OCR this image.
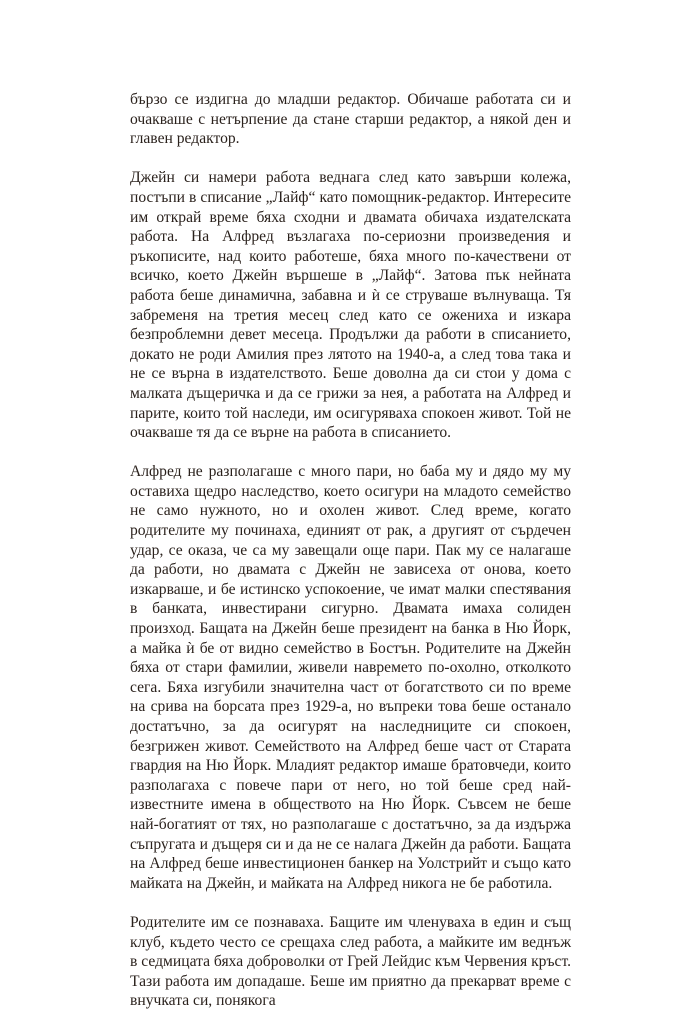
бързо се издигна до младши редактор. Обичаше работата си и очакваше с нетърпение да стане старши редактор, а някой ден и главен редактор.

Джейн си намери работа веднага след като завърши колежа, постъпи в списание „Лайф“ като помощник-редактор. Интересите им открай време бяха сходни и двамата обичаха издателската работа. На Алфред възлагаха по-сериозни произведения и ръкописите, над които работеше, бяха много по-качествени от всичко, което Джейн вършеше в „Лайф“. Затова пък нейната работа беше динамична, забавна и ѝ се струваше вълнуваща. Тя забременя на третия месец след като се ожениха и изкара безпроблемни девет месеца. Продължи да работи в списанието, докато не роди Амилия през лятото на 1940-а, а след това така и не се върна в издателството. Беше доволна да си стои у дома с малката дъщеричка и да се грижи за нея, а работата на Алфред и парите, които той наследи, им осигуряваха спокоен живот. Той не очакваше тя да се върне на работа в списанието.

Алфред не разполагаше с много пари, но баба му и дядо му му оставиха щедро наследство, което осигури на младото семейство не само нужното, но и охолен живот. След време, когато родителите му починаха, единият от рак, а другият от сърдечен удар, се оказа, че са му завещали още пари. Пак му се налагаше да работи, но двамата с Джейн не зависеха от онова, което изкарваше, и бе истинско успокоение, че имат малки спестявания в банката, инвестирани сигурно. Двамата имаха солиден произход. Бащата на Джейн беше президент на банка в Ню Йорк, а майка ѝ бе от видно семейство в Бостън. Родителите на Джейн бяха от стари фамилии, живели навремето по-охолно, отколкото сега. Бяха изгубили значителна част от богатството си по време на срива на борсата през 1929-а, но въпреки това беше останало достатъчно, за да осигурят на наследниците си спокоен, безгрижен живот. Семейството на Алфред беше част от Старата гвардия на Ню Йорк. Младият редактор имаше братовчеди, които разполагаха с повече пари от него, но той беше сред най-известните имена в обществото на Ню Йорк. Съвсем не беше най-богатият от тях, но разполагаше с достатъчно, за да издържа съпругата и дъщеря си и да не се налага Джейн да работи. Бащата на Алфред беше инвестиционен банкер на Уолстрийт и също като майката на Джейн, и майката на Алфред никога не бе работила.

Родителите им се познаваха. Бащите им членуваха в един и същ клуб, където често се срещаха след работа, а майките им веднъж в седмицата бяха доброволки от Грей Лейдис към Червения кръст. Тази работа им допадаше. Беше им приятно да прекарват време с внучката си, понякога
